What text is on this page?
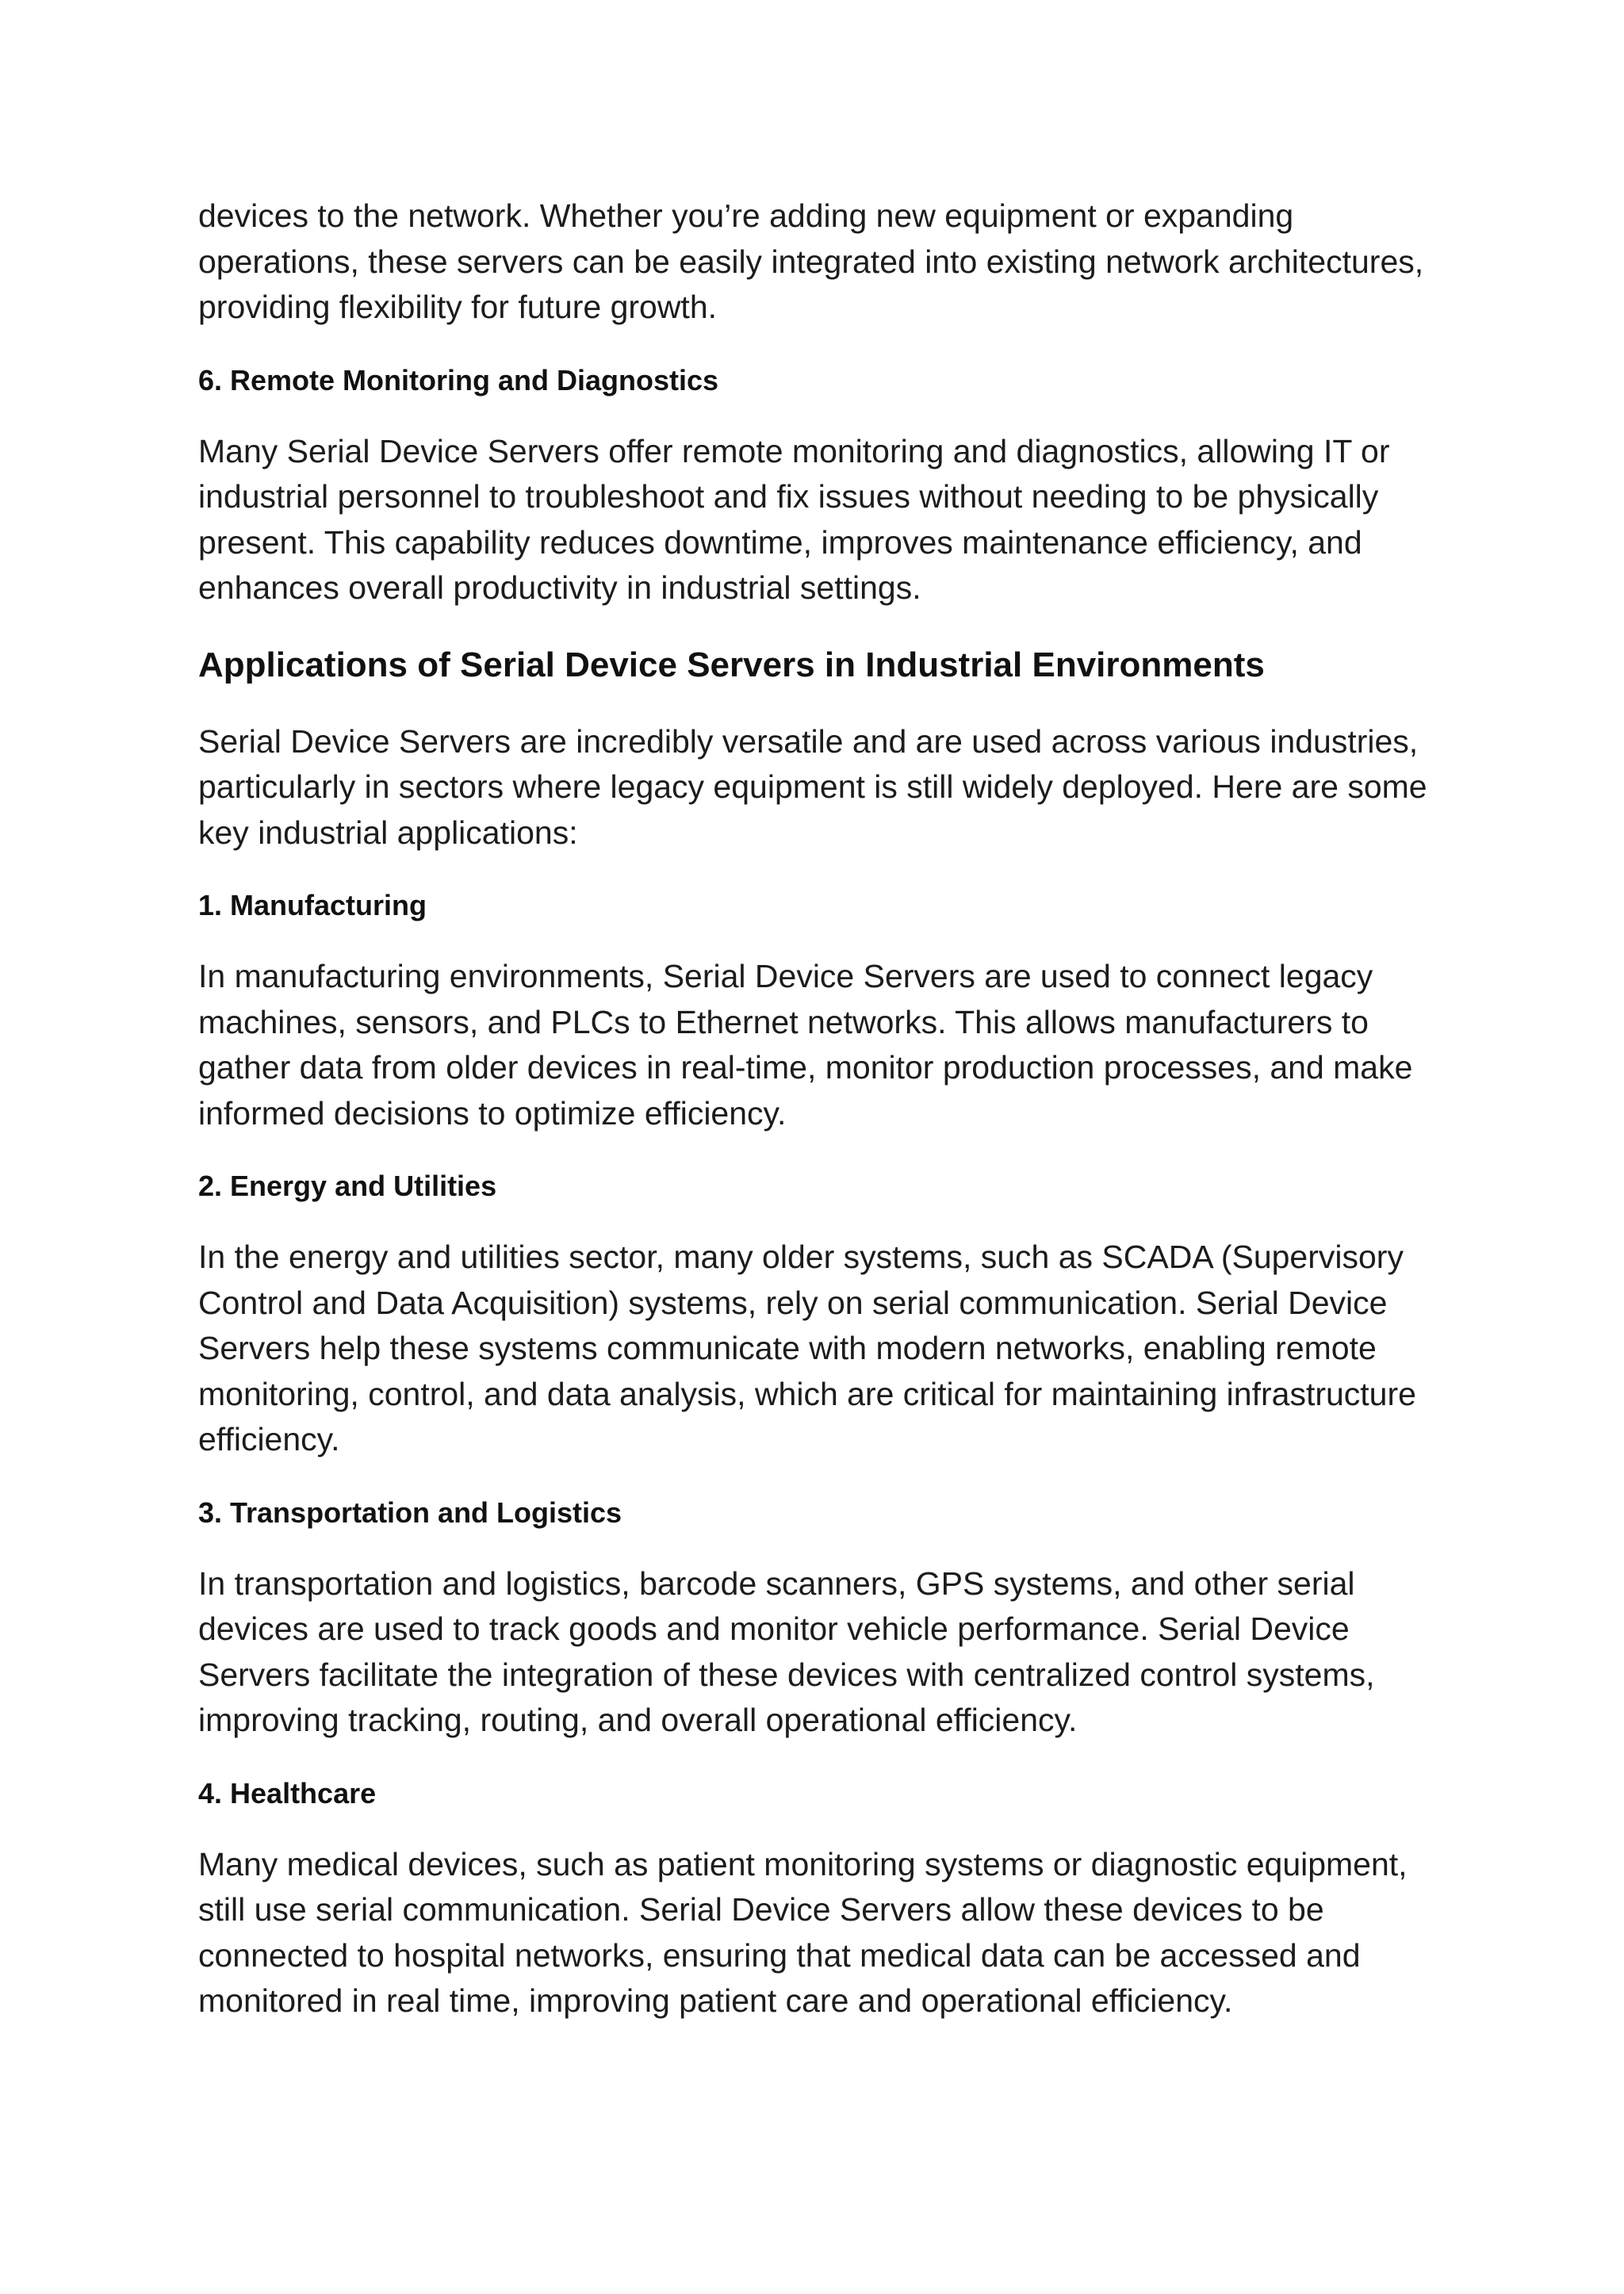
devices to the network. Whether you’re adding new equipment or expanding operations, these servers can be easily integrated into existing network architectures, providing flexibility for future growth.

6. Remote Monitoring and Diagnostics

Many Serial Device Servers offer remote monitoring and diagnostics, allowing IT or industrial personnel to troubleshoot and fix issues without needing to be physically present. This capability reduces downtime, improves maintenance efficiency, and enhances overall productivity in industrial settings.

Applications of Serial Device Servers in Industrial Environments

Serial Device Servers are incredibly versatile and are used across various industries, particularly in sectors where legacy equipment is still widely deployed. Here are some key industrial applications:

1. Manufacturing

In manufacturing environments, Serial Device Servers are used to connect legacy machines, sensors, and PLCs to Ethernet networks. This allows manufacturers to gather data from older devices in real-time, monitor production processes, and make informed decisions to optimize efficiency.

2. Energy and Utilities

In the energy and utilities sector, many older systems, such as SCADA (Supervisory Control and Data Acquisition) systems, rely on serial communication. Serial Device Servers help these systems communicate with modern networks, enabling remote monitoring, control, and data analysis, which are critical for maintaining infrastructure efficiency.

3. Transportation and Logistics

In transportation and logistics, barcode scanners, GPS systems, and other serial devices are used to track goods and monitor vehicle performance. Serial Device Servers facilitate the integration of these devices with centralized control systems, improving tracking, routing, and overall operational efficiency.

4. Healthcare

Many medical devices, such as patient monitoring systems or diagnostic equipment, still use serial communication. Serial Device Servers allow these devices to be connected to hospital networks, ensuring that medical data can be accessed and monitored in real time, improving patient care and operational efficiency.
